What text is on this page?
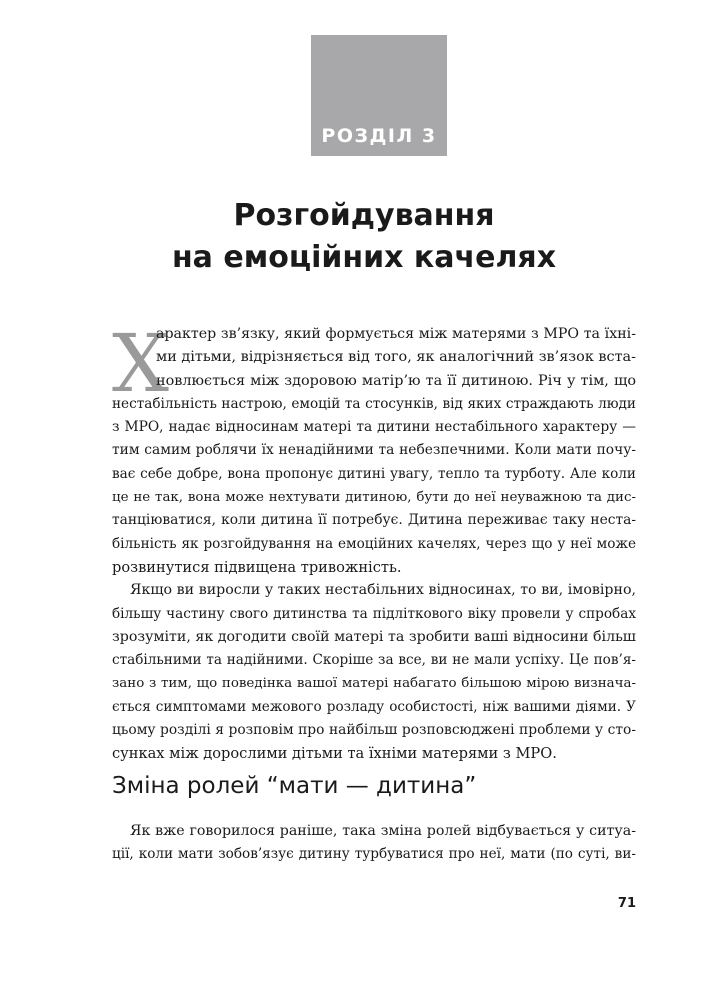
РОЗДІЛ 3
Розгойдування
на емоційних качелях
Х
арактер зв’язку, який формується між матерями з МРО та їхні-
ми дітьми, відрізняється від того, як аналогічний зв’язок вста-
новлюється між здоровою матір’ю та її дитиною. Річ у тім, що
нестабільність настрою, емоцій та стосунків, від яких страждають люди
з МРО, надає відносинам матері та дитини нестабільного характеру —
тим самим роблячи їх ненадійними та небезпечними. Коли мати почу-
ває себе добре, вона пропонує дитині увагу, тепло та турботу. Але коли
це не так, вона може нехтувати дитиною, бути до неї неуважною та дис-
танціюватися, коли дитина її потребує. Дитина переживає таку неста-
більність як розгойдування на емоційних качелях, через що у неї може
розвинутися підвищена тривожність.
Якщо ви виросли у таких нестабільних відносинах, то ви, імовірно,
більшу частину свого дитинства та підліткового віку провели у спробах
зрозуміти, як догодити своїй матері та зробити ваші відносини більш
стабільними та надійними. Скоріше за все, ви не мали успіху. Це пов’я-
зано з тим, що поведінка вашої матері набагато більшою мірою визнача-
ється симптомами межового розладу особистості, ніж вашими діями. У
цьому розділі я розповім про найбільш розповсюджені проблеми у сто-
сунках між дорослими дітьми та їхніми матерями з МРО.
Зміна ролей “мати — дитина”
Як вже говорилося раніше, така зміна ролей відбувається у ситуа-
ції, коли мати зобов’язує дитину турбуватися про неї, мати (по суті, ви-
71
